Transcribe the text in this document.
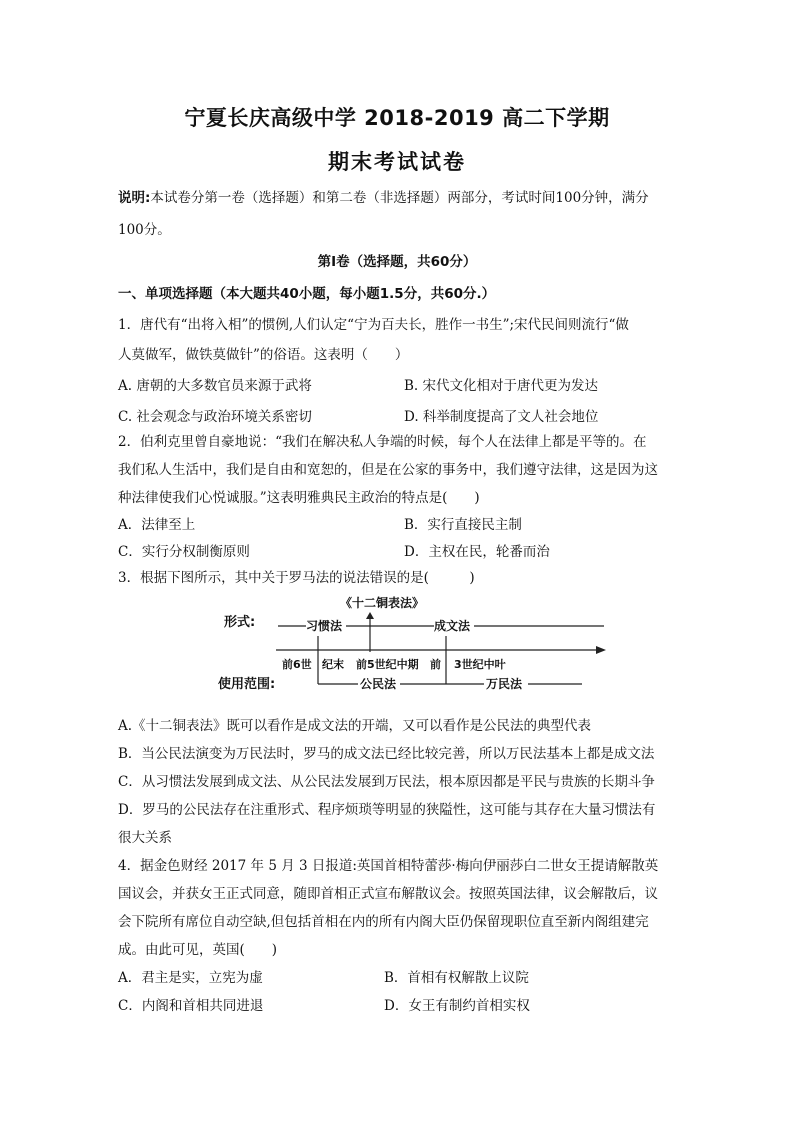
宁夏长庆高级中学 2018-2019 高二下学期
期末考试试卷
说明:本试卷分第一卷（选择题）和第二卷（非选择题）两部分，考试时间100分钟，满分
100分。
第Ⅰ卷（选择题，共60分）
一、单项选择题（本大题共40小题，每小题1.5分，共60分.）
1．唐代有“出将入相”的惯例,人们认定“宁为百夫长，胜作一书生”;宋代民间则流行“做
人莫做军，做铁莫做针”的俗语。这表明（　　）
A. 唐朝的大多数官员来源于武将	B. 宋代文化相对于唐代更为发达
C. 社会观念与政治环境关系密切	D. 科举制度提高了文人社会地位
2．伯利克里曾自豪地说：“我们在解决私人争端的时候，每个人在法律上都是平等的。在
我们私人生活中，我们是自由和宽恕的，但是在公家的事务中，我们遵守法律，这是因为这
种法律使我们心悦诚服。”这表明雅典民主政治的特点是(　　)
A．法律至上	B．实行直接民主制
C．实行分权制衡原则	D．主权在民，轮番而治
3．根据下图所示，其中关于罗马法的说法错误的是(　　　)
《十二铜表法》
形式:	习惯法	成文法
前6世 纪末 前5世纪中期 前 3世纪中叶
使用范围:	公民法	万民法
A.《十二铜表法》既可以看作是成文法的开端，又可以看作是公民法的典型代表
B．当公民法演变为万民法时，罗马的成文法已经比较完善，所以万民法基本上都是成文法
C．从习惯法发展到成文法、从公民法发展到万民法，根本原因都是平民与贵族的长期斗争
D．罗马的公民法存在注重形式、程序烦琐等明显的狭隘性，这可能与其存在大量习惯法有
很大关系
4．据金色财经 2017 年 5 月 3 日报道:英国首相特蕾莎·梅向伊丽莎白二世女王提请解散英
国议会，并获女王正式同意，随即首相正式宣布解散议会。按照英国法律，议会解散后，议
会下院所有席位自动空缺,但包括首相在内的所有内阁大臣仍保留现职位直至新内阁组建完
成。由此可见，英国(　　)
A．君主是实，立宪为虚	B．首相有权解散上议院
C．内阁和首相共同进退	D．女王有制约首相实权
